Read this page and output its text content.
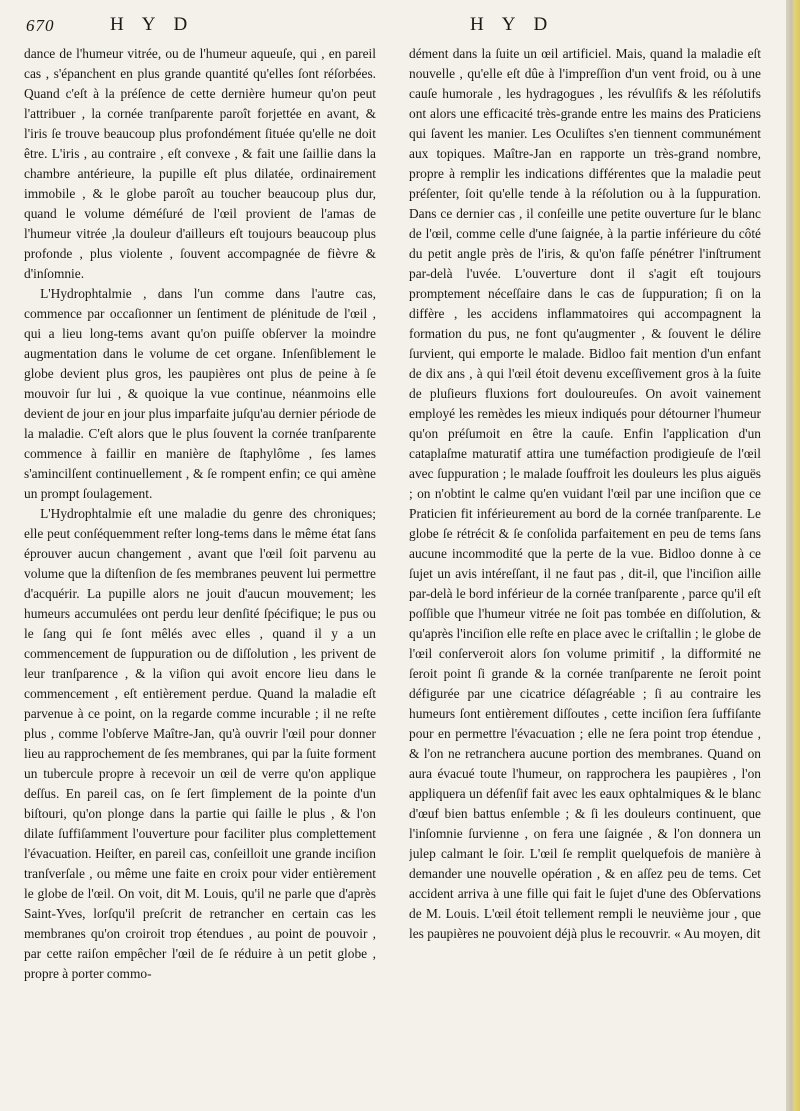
670	H Y D	H Y D

dance de l'humeur vitrée, ou de l'humeur aqueuſe, qui , en pareil cas , s'épanchent en plus grande quantité qu'elles ſont réſorbées. Quand c'eſt à la préſence de cette dernière humeur qu'on peut l'attribuer , la cornée tranſparente paroît forjettée en avant, & l'iris ſe trouve beaucoup plus profondément ſituée qu'elle ne doit être. L'iris , au contraire , eſt convexe , & fait une ſaillie dans la chambre antérieure, la pupille eſt plus dilatée, ordinairement immobile , & le globe paroît au toucher beaucoup plus dur, quand le volume déméſuré de l'œil provient de l'amas de l'humeur vitrée ,la douleur d'ailleurs eſt toujours beaucoup plus profonde , plus violente , ſouvent accompagnée de fièvre & d'inſomnie.

L'Hydrophtalmie , dans l'un comme dans l'autre cas, commence par occaſionner un ſentiment de plénitude de l'œil , qui a lieu long-tems avant qu'on puiſſe obſerver la moindre augmentation dans le volume de cet organe. Inſenſiblement le globe devient plus gros, les paupières ont plus de peine à ſe mouvoir ſur lui , & quoique la vue continue, néanmoins elle devient de jour en jour plus imparfaite juſqu'au dernier période de la maladie. C'eſt alors que le plus ſouvent la cornée tranſparente commence à faillir en manière de ſtaphylôme , ſes lames s'amincilſent continuellement , & ſe rompent enfin; ce qui amène un prompt ſoulagement.

L'Hydrophtalmie eſt une maladie du genre des chroniques; elle peut conſéquemment reſter long-tems dans le même état ſans éprouver aucun changement , avant que l'œil ſoit parvenu au volume que la diſtenſion de ſes membranes peuvent lui permettre d'acquérir. La pupille alors ne jouit d'aucun mouvement; les humeurs accumulées ont perdu leur denſité ſpécifique; le pus ou le ſang qui ſe ſont mêlés avec elles , quand il y a un commencement de ſuppuration ou de diſſolution , les privent de leur tranſparence , & la viſion qui avoit encore lieu dans le commencement , eſt entièrement perdue. Quand la maladie eſt parvenue à ce point, on la regarde comme incurable ; il ne reſte plus , comme l'obſerve Maître-Jan, qu'à ouvrir l'œil pour donner lieu au rapprochement de ſes membranes, qui par la ſuite forment un tubercule propre à recevoir un œil de verre qu'on applique deſſus. En pareil cas, on ſe ſert ſimplement de la pointe d'un biſtouri, qu'on plonge dans la partie qui ſaille le plus , & l'on dilate ſuffiſamment l'ouverture pour faciliter plus complettement l'évacuation. Heiſter, en pareil cas, conſeilloit une grande inciſion tranſverſale , ou même une faite en croix pour vider entièrement le globe de l'œil. On voit, dit M. Louis, qu'il ne parle que d'après Saint-Yves, lorſqu'il preſcrit de retrancher en certain cas les membranes qu'on croiroit trop étendues , au point de pouvoir , par cette raiſon empêcher l'œil de ſe réduire à un petit globe , propre à porter commo-

dément dans la ſuite un œil artificiel. Mais, quand la maladie eſt nouvelle , qu'elle eſt dûe à l'impreſſion d'un vent froid, ou à une cauſe humorale , les hydragogues , les révulſifs & les réſolutifs ont alors une efficacité très-grande entre les mains des Praticiens qui ſavent les manier. Les Oculiſtes s'en tiennent communément aux topiques. Maître-Jan en rapporte un très-grand nombre, propre à remplir les indications différentes que la maladie peut préſenter, ſoit qu'elle tende à la réſolution ou à la ſuppuration. Dans ce dernier cas , il conſeille une petite ouverture ſur le blanc de l'œil, comme celle d'une ſaignée, à la partie inférieure du côté du petit angle près de l'iris, & qu'on faſſe pénétrer l'inſtrument par-delà l'uvée. L'ouverture dont il s'agit eſt toujours promptement néceſſaire dans le cas de ſuppuration; ſi on la diffère , les accidens inflammatoires qui accompagnent la formation du pus, ne font qu'augmenter , & ſouvent le délire ſurvient, qui emporte le malade. Bidloo fait mention d'un enfant de dix ans , à qui l'œil étoit devenu exceſſivement gros à la ſuite de pluſieurs fluxions fort douloureuſes. On avoit vainement employé les remèdes les mieux indiqués pour détourner l'humeur qu'on préſumoit en être la cauſe. Enfin l'application d'un cataplaſme maturatif attira une tuméfaction prodigieuſe de l'œil avec ſuppuration ; le malade ſouffroit les douleurs les plus aiguës ; on n'obtint le calme qu'en vuidant l'œil par une inciſion que ce Praticien fit inférieurement au bord de la cornée tranſparente. Le globe ſe rétrécit & ſe conſolida parfaitement en peu de tems ſans aucune incommodité que la perte de la vue. Bidloo donne à ce ſujet un avis intéreſſant, il ne faut pas , dit-il, que l'inciſion aille par-delà le bord inférieur de la cornée tranſparente , parce qu'il eſt poſſible que l'humeur vitrée ne ſoit pas tombée en diſſolution, & qu'après l'inciſion elle reſte en place avec le criſtallin ; le globe de l'œil conſerveroit alors ſon volume primitif , la difformité ne ſeroit point ſi grande & la cornée tranſparente ne ſeroit point défigurée par une cicatrice déſagréable ; ſi au contraire les humeurs ſont entièrement diſſoutes , cette inciſion ſera ſuffiſante pour en permettre l'évacuation ; elle ne ſera point trop étendue , & l'on ne retranchera aucune portion des membranes. Quand on aura évacué toute l'humeur, on rapprochera les paupières , l'on appliquera un défenſif fait avec les eaux ophtalmiques & le blanc d'œuf bien battus enſemble ; & ſi les douleurs continuent, que l'inſomnie ſurvienne , on fera une ſaignée , & l'on donnera un julep calmant le ſoir. L'œil ſe remplit quelquefois de manière à demander une nouvelle opération , & en aſſez peu de tems. Cet accident arriva à une fille qui fait le ſujet d'une des Obſervations de M. Louis. L'œil étoit tellement rempli le neuvième jour , que les paupières ne pouvoient déjà plus le recouvrir. « Au moyen, dit
